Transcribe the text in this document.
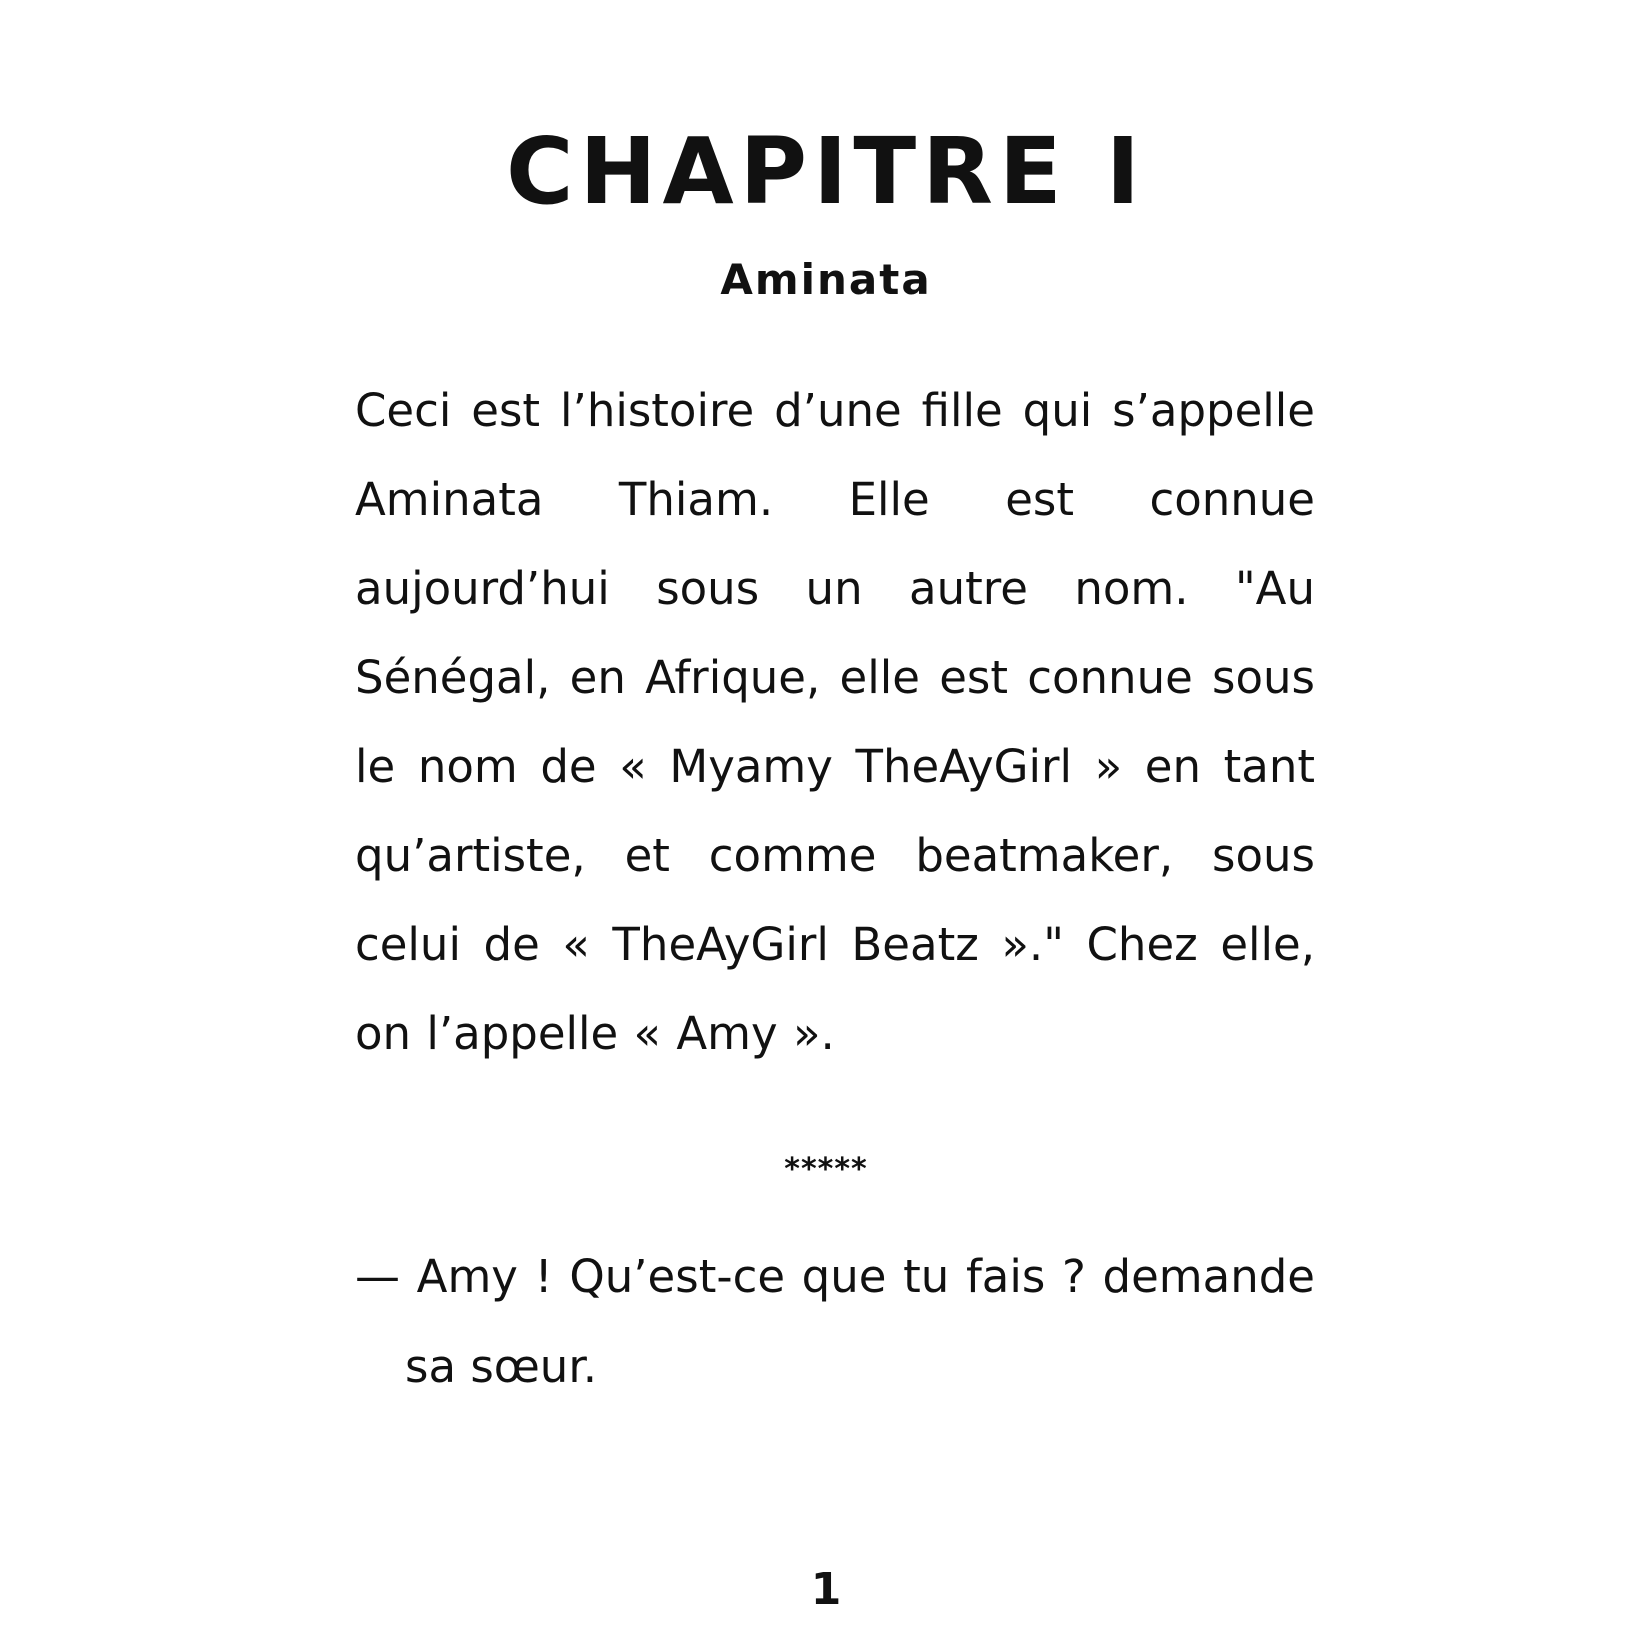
CHAPITRE I
Aminata

Ceci est l’histoire d’une fille qui s’appelle Aminata Thiam. Elle est connue aujourd’hui sous un autre nom. "Au Sénégal, en Afrique, elle est connue sous le nom de « Myamy TheAyGirl » en tant qu’artiste, et comme beatmaker, sous celui de « TheAyGirl Beatz »." Chez elle, on l’appelle « Amy ».

*****

— Amy ! Qu’est-ce que tu fais ? demande sa sœur.

1
